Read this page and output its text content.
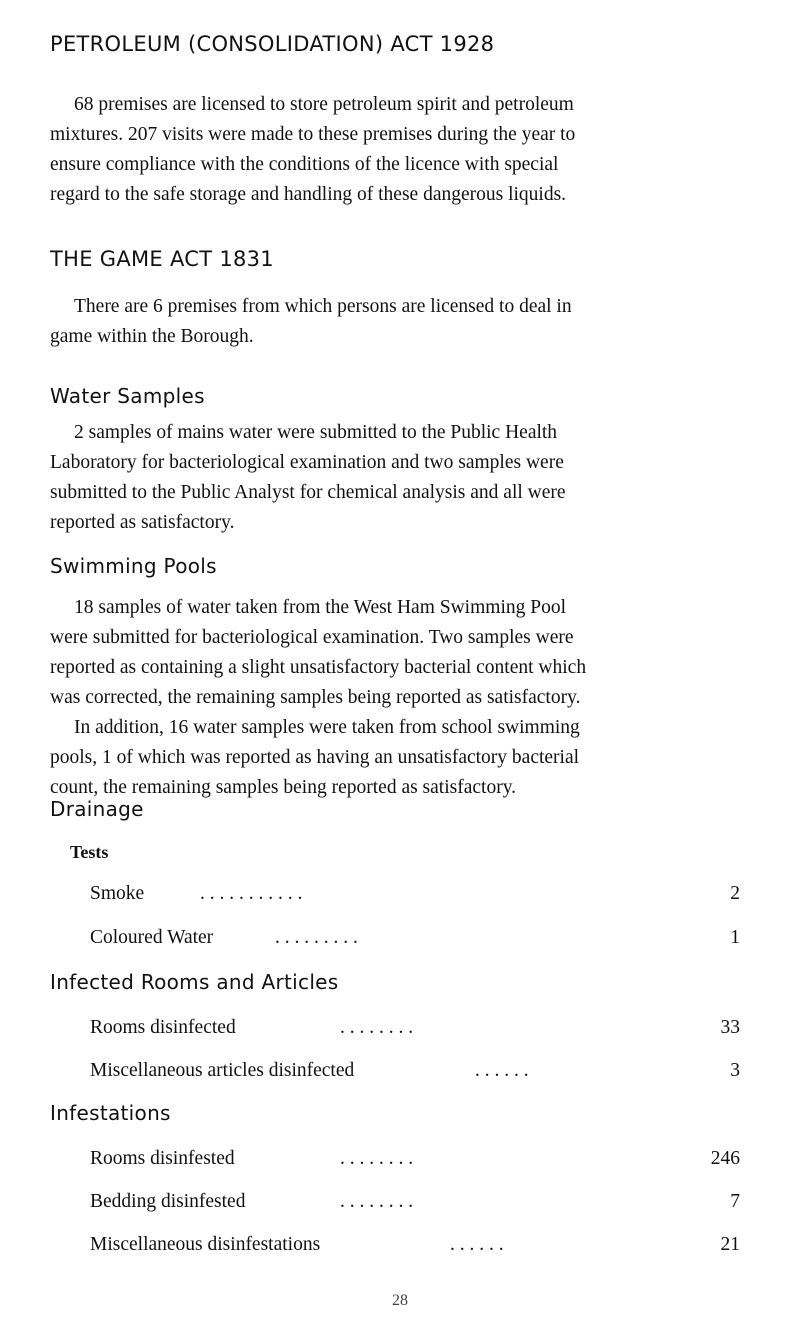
PETROLEUM (CONSOLIDATION) ACT 1928

68 premises are licensed to store petroleum spirit and petroleum
mixtures. 207 visits were made to these premises during the year to
ensure compliance with the conditions of the licence with special
regard to the safe storage and handling of these dangerous liquids.

THE GAME ACT 1831

There are 6 premises from which persons are licensed to deal in
game within the Borough.

Water Samples

2 samples of mains water were submitted to the Public Health
Laboratory for bacteriological examination and two samples were
submitted to the Public Analyst for chemical analysis and all were
reported as satisfactory.

Swimming Pools

18 samples of water taken from the West Ham Swimming Pool
were submitted for bacteriological examination. Two samples were
reported as containing a slight unsatisfactory bacterial content which
was corrected, the remaining samples being reported as satisfactory.
In addition, 16 water samples were taken from school swimming
pools, 1 of which was reported as having an unsatisfactory bacterial
count, the remaining samples being reported as satisfactory.

Drainage
Tests
Smoke	. . . . . . . . . . .	2
Coloured Water	. . . . . . . . .	1
Infected Rooms and Articles
Rooms disinfected	. . . . . . . .	33
Miscellaneous articles disinfected	. . . . . .	3
Infestations
Rooms disinfested	. . . . . . . .	246
Bedding disinfested	. . . . . . . .	7
Miscellaneous disinfestations	. . . . . .	21
28
